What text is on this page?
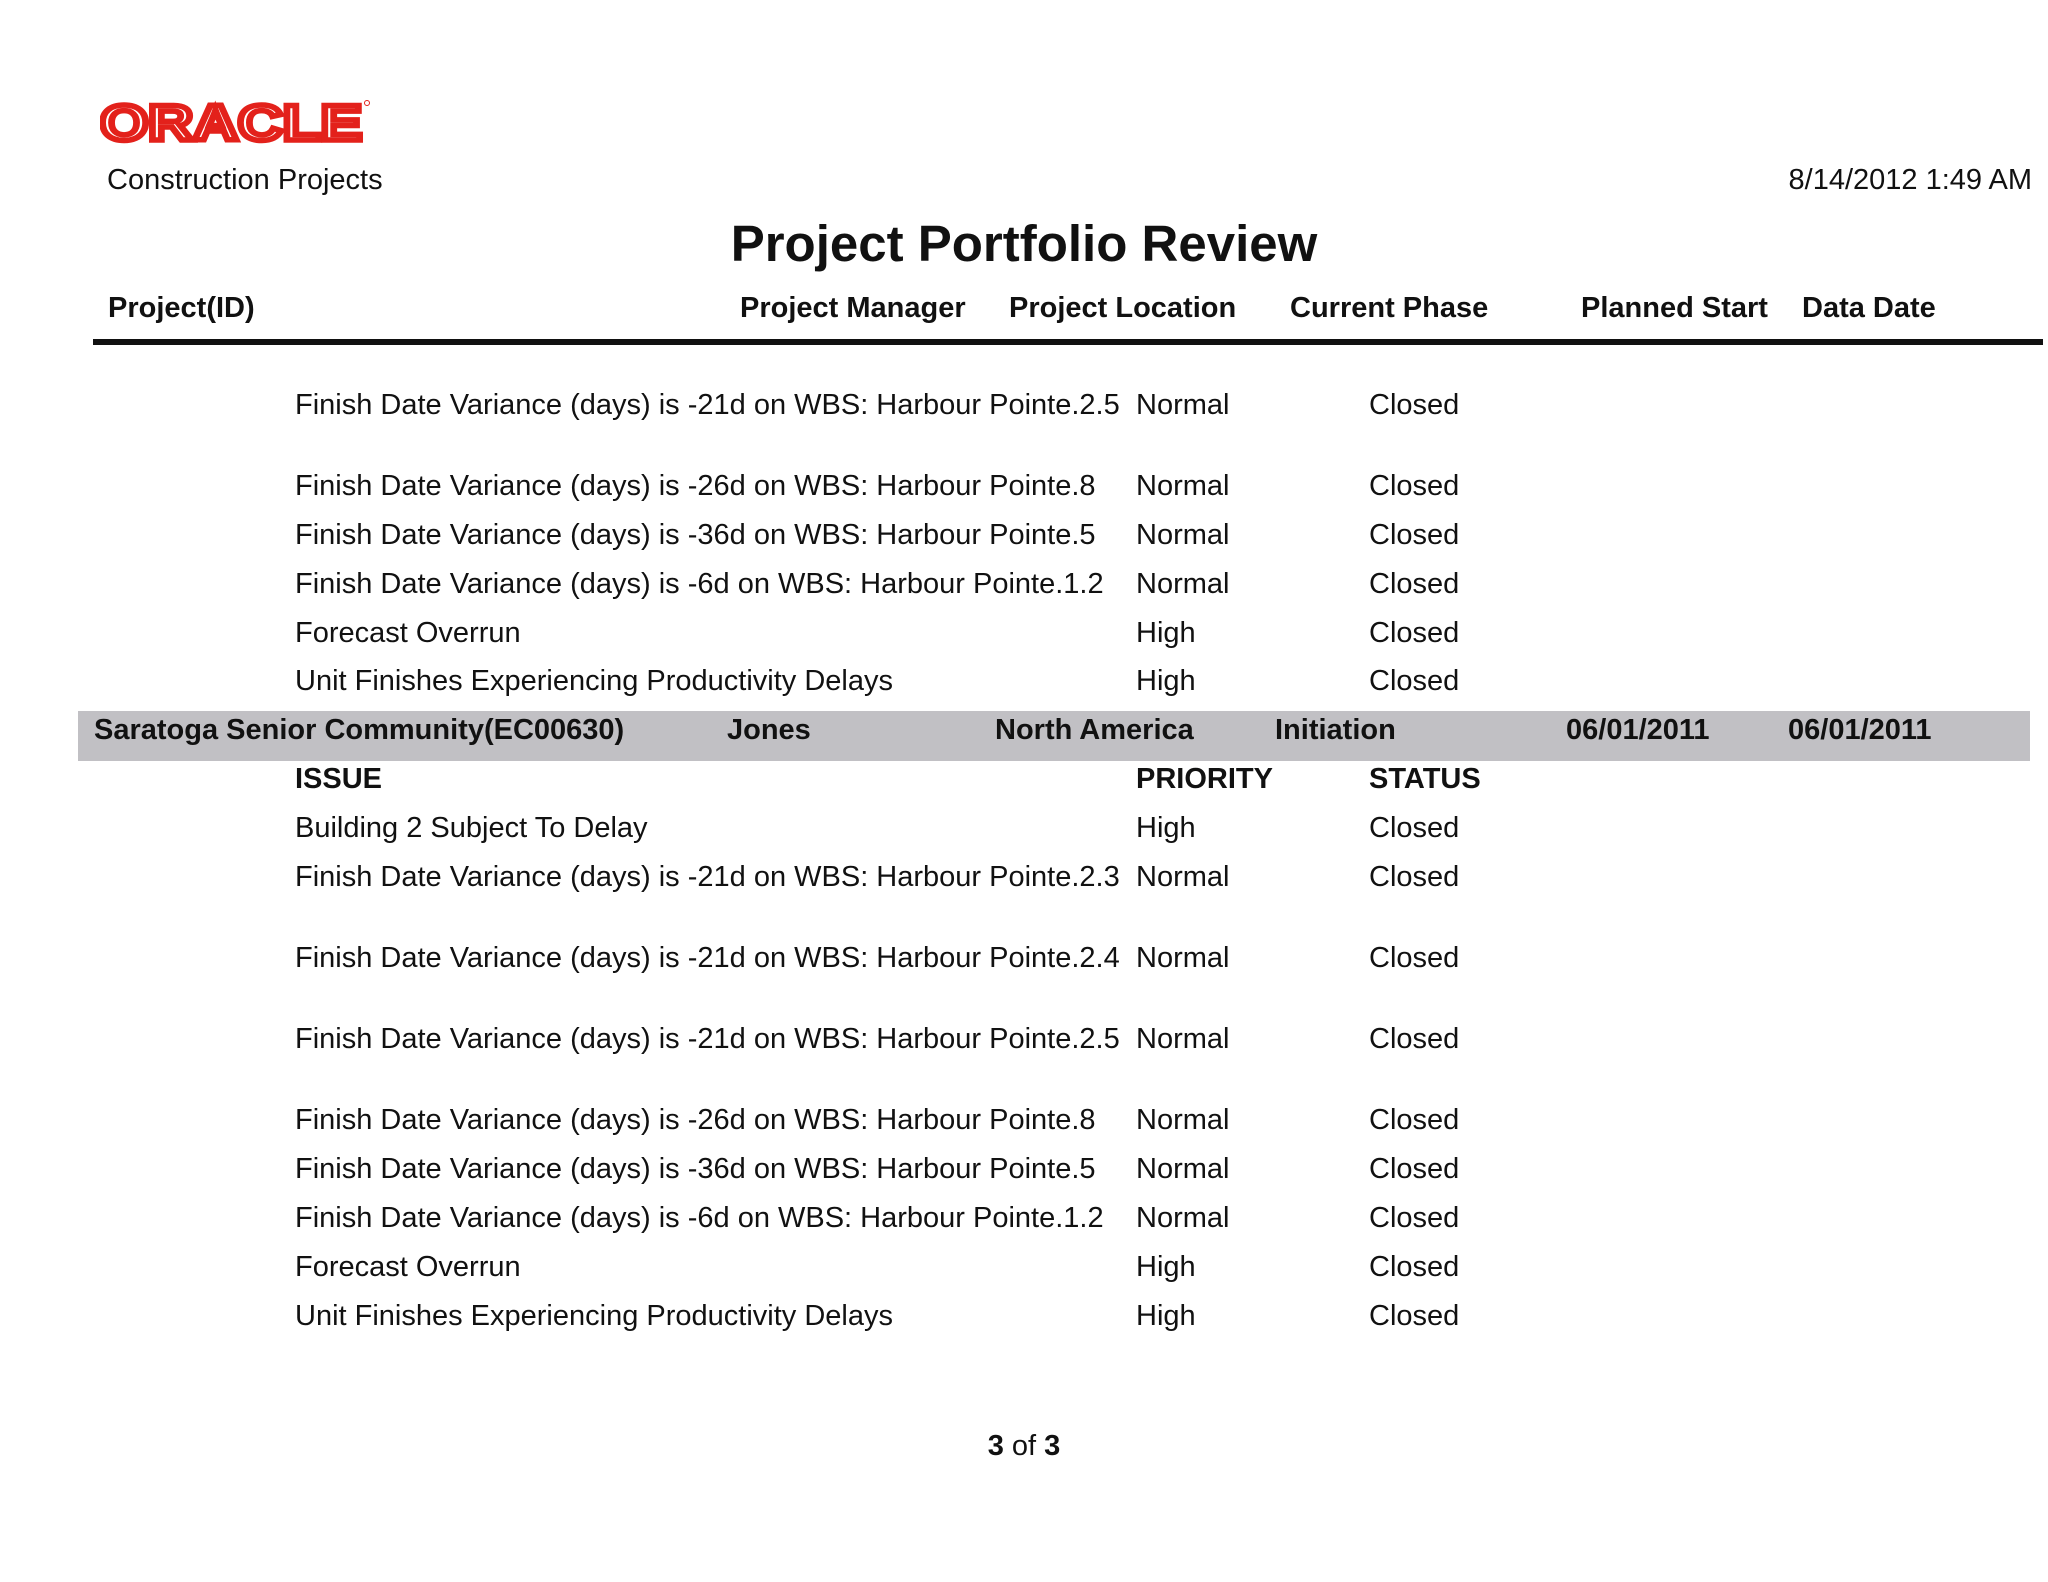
ORACLE
Construction Projects	8/14/2012 1:49 AM
Project Portfolio Review
Project(ID)	Project Manager Project Location Current Phase	Planned Start Data Date
Finish Date Variance (days) is -21d on WBS: Harbour Pointe.2.5 Normal	Closed
Finish Date Variance (days) is -26d on WBS: Harbour Pointe.8	Normal	Closed
Finish Date Variance (days) is -36d on WBS: Harbour Pointe.5	Normal	Closed
Finish Date Variance (days) is -6d on WBS: Harbour Pointe.1.2	Normal	Closed
Forecast Overrun	High	Closed
Unit Finishes Experiencing Productivity Delays	High	Closed
Saratoga Senior Community(EC00630)	Jones	North America	Initiation	06/01/2011	06/01/2011
ISSUE	PRIORITY	STATUS
Building 2 Subject To Delay	High	Closed
Finish Date Variance (days) is -21d on WBS: Harbour Pointe.2.3 Normal	Closed
Finish Date Variance (days) is -21d on WBS: Harbour Pointe.2.4 Normal	Closed
Finish Date Variance (days) is -21d on WBS: Harbour Pointe.2.5 Normal	Closed
Finish Date Variance (days) is -26d on WBS: Harbour Pointe.8	Normal	Closed
Finish Date Variance (days) is -36d on WBS: Harbour Pointe.5	Normal	Closed
Finish Date Variance (days) is -6d on WBS: Harbour Pointe.1.2	Normal	Closed
Forecast Overrun	High	Closed
Unit Finishes Experiencing Productivity Delays	High	Closed
3 of 3
